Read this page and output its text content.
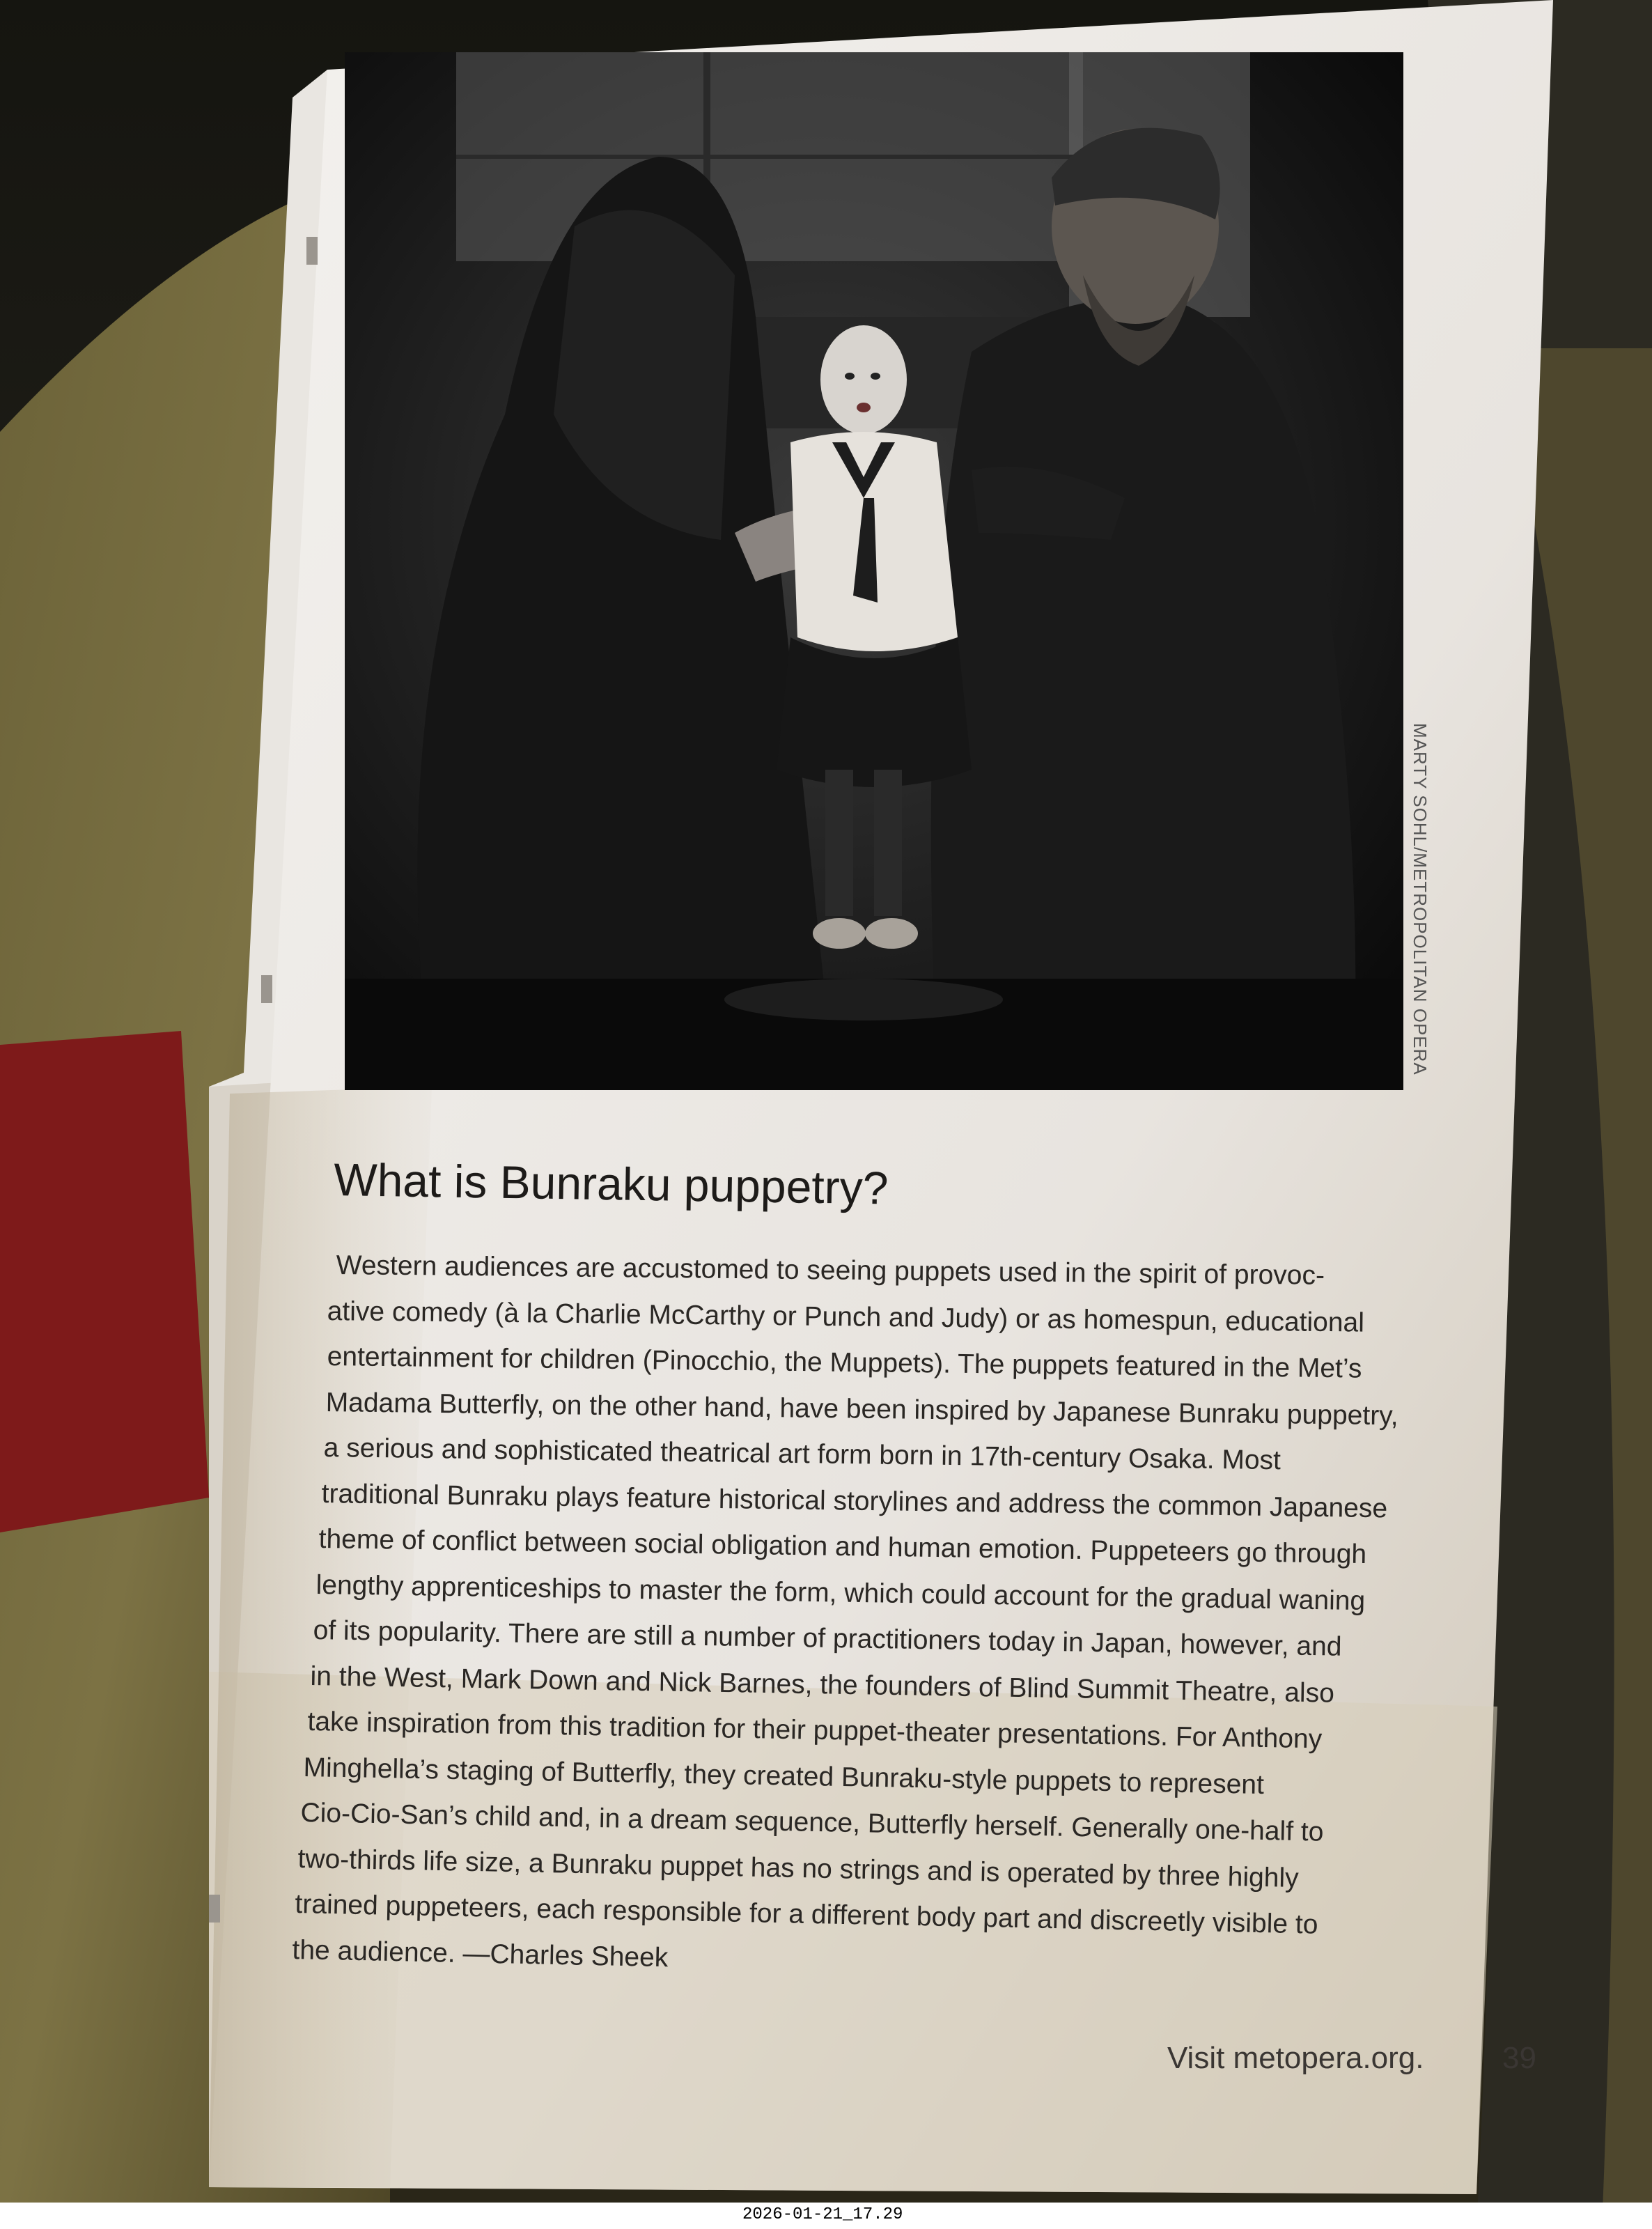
MARTY SOHL/METROPOLITAN OPERA
What is Bunraku puppetry?
Western audiences are accustomed to seeing puppets used in the spirit of provoc-
ative comedy (à la Charlie McCarthy or Punch and Judy) or as homespun, educational
entertainment for children (Pinocchio, the Muppets). The puppets featured in the Met’s
Madama Butterfly, on the other hand, have been inspired by Japanese Bunraku puppetry,
a serious and sophisticated theatrical art form born in 17th-century Osaka. Most
traditional Bunraku plays feature historical storylines and address the common Japanese
theme of conflict between social obligation and human emotion. Puppeteers go through
lengthy apprenticeships to master the form, which could account for the gradual waning
of its popularity. There are still a number of practitioners today in Japan, however, and
in the West, Mark Down and Nick Barnes, the founders of Blind Summit Theatre, also
take inspiration from this tradition for their puppet-theater presentations. For Anthony
Minghella’s staging of Butterfly, they created Bunraku-style puppets to represent
Cio-Cio-San’s child and, in a dream sequence, Butterfly herself. Generally one-half to
two-thirds life size, a Bunraku puppet has no strings and is operated by three highly
trained puppeteers, each responsible for a different body part and discreetly visible to
the audience. —Charles Sheek
Visit metopera.org.	39
2026-01-21_17.29
